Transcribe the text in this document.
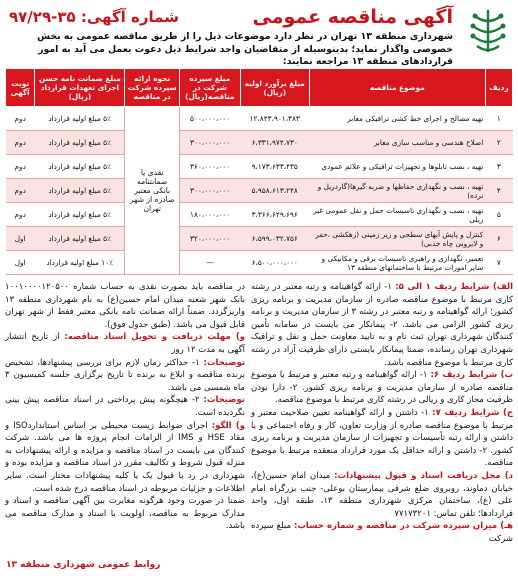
آگهی مناقصه عمومی
شماره آگهی: ۳۵-۹۷/۲۹
شهرداری منطقه ۱۳ تهران در نظر دارد موضوعات ذیل را از طریق مناقصه عمومی به بخش خصوصی واگذار نماید؛ بدینوسیله از متقاضیان واجد شرایط ذیل دعوت بعمل می آید به امور قراردادهای منطقه ۱۳ مراجعه نمایند:
ردیف	موضوع مناقصه	مبلغ برآورد اولیه (ریال)	مبلغ سپرده شرکت در مناقصه(ریال)	نحوه ارائه سپرده شرکت در مناقصه	مبلغ ضمانت نامه حسن اجرای تعهدات قرارداد (ریال)	نوبت آگهی
۱	تهیه مصالح و اجرای خط کشی ترافیکی معابر	۱۲،۸۴۳،۹۰۱،۳۸۳	۵۰۰،۰۰۰،۰۰۰	نقدی یا ضمانتنامه بانکی معتبر صادره از شهر تهران	۵٪ مبلغ اولیه قرارداد	دوم
۲	اصلاح هندسی و مناسب سازی معابر	۶،۳۳۱،۹۷۴،۷۳۰	۳۰۰،۰۰۰،۰۰۰		۵٪ مبلغ اولیه قرارداد	دوم
۳	تهیه ، نصب تابلوها و تجهیزات ترافیکی و علائم عمودی	۹،۱۷۳،۶۳۳،۴۳۵	۳۶۰،۰۰۰،۰۰۰		۵٪ مبلغ اولیه قرارداد	دوم
۴	تهیه ، نصب و نگهداری حفاظها و ضربه گیرها(گاردریل و نرده)	۵،۹۵۸،۶۱۳،۲۴۸	۳۰۰،۰۰۰،۰۰۰		۵٪ مبلغ اولیه قرارداد	دوم
۵	تهیه ، نصب و نگهداری تاسیسات حمل و نقل عمومی غیر ریلی	۳،۳۶۶،۶۴۹،۶۹۶	۱۸۰،۰۰۰،۰۰۰		۵٪ مبلغ اولیه قرارداد	دوم
۶	کنترل و پایش آبهای سطحی و زیر زمینی (زهکشی ،حفر و لایروبی چاه جذبی)	۶،۵۹۹،۰۳۲،۷۵۶	۳۲۰،۰۰۰،۰۰۰		۵٪ مبلغ اولیه قرارداد	اول
۷	تعمیر، نگهداری و راهبری تاسیسات برقی و مکانیکی و سایر امورات مرتبط با ساختمانهای منطقه ۱۳	۶،۵۰۰،۰۰۰،۰۰۰	—		۱۰٪ مبلغ اولیه قرارداد	اول

الف) شرایط ردیف ۱ الی ۵: ۱- ارائه گواهینامه و رتبه معتبر در رشته کاری مرتبط با موضوع مناقصه صادره از سازمان مدیریت و برنامه ریزی کشور؛ ارائه گواهینامه و رتبه معتبر در رشته ۳ از سازمان مدیریت و برنامه ریزی کشور الزامی می باشد. ۲- پیمانکار می بایست در سامانه تأمین کنندگان شهرداری تهران ثبت نام و به تایید معاونت حمل و نقل و ترافیک شهرداری تهران رسانده، ضمنا پیمانکار بایستی دارای ظرفیت آزاد در رشته کاری مرتبط با موضوع مناقصه باشد.

ب) شرایط ردیف ۶: ۱- ارائه گواهینامه و رتبه معتبر و مرتبط با موضوع مناقصه صادره از سازمان مدیریت و برنامه ریزی کشور. ۲- دارا بودن ظرفیت مجاز کاری و ریالی در رشته کاری مرتبط با موضوع مناقصه.

ج) شرایط ردیف ۷: ۱- داشتن و ارائه گواهینامه تعیین صلاحیت معتبر و مرتبط با موضوع مناقصه صادره از وزارت تعاون، کار و رفاه اجتماعی و یا داشتن و ارائه رتبه تأسیسات و تجهیزات از سازمان مدیریت و برنامه ریزی کشور. ۲- داشتن و ارائه حداقل یک مورد قرارداد منعقده مرتبط با موضوع مناقصه.

د) محل دریافت اسناد و قبول پیشنهادات: میدان امام حسین(ع)، خیابان دماوند، روبروی ضلع شرقی بیمارستان بوعلی- جنب بزرگراه امام علی (ع)، ساختمان مرکزی شهرداری منطقه ۱۳، طبقه اول، واحد قراردادها؛ تلفن تماس: ۷۷۱۷۳۲۰۱

هـ) میزان سپرده شرکت در مناقصه و شماره حساب: مبلغ سپرده شرکت

در مناقصه باید بصورت نقدی به حساب شماره ۱۰۰۱۰۰۰۰۱۲۰۵۰۰ بانک شهر شعبه میدان امام حسین(ع) به نام شهرداری منطقه ۱۳ واریزگردد. ضمناً ارائه ضمانت نامه بانکی معتبر فقط از شهر تهران قابل قبول می باشد. (طبق جدول فوق).

و) مهلت دریافت و تحویل اسناد مناقصه: از تاریخ انتشار آگهی به مدت ۱۲ روز

توضیحات: ۱- حداکثر زمان لازم برای بررسی پیشنهادها، تشخیص برنده مناقصه و ابلاغ به برنده تا تاریخ برگزاری جلسه کمیسیون ۳ ماه شمسی می باشد.

توضیحات: ۲- هیچگونه پیش پرداختی در اسناد مناقصه پیش بینی نگردیده است.

و) الگو: اجرای ضوابط زیست محیطی بر اساس استانداردISO و مقاد HSE و IMS از الزامات انجام پروژه ها می باشد. شرکت کنندگان می بایست در اسناد مناقصه و مزایده و ارائه پیشنهادات به منزله قبول شروط و تکالیف مقرر در اسناد مناقصه و مزایده بوده و شهرداری در رد یا قبول یک یا کلیه پیشنهادات مختار است. سایر اطلاعات و جزئیات مربوطه در اسناد مناقصه درج شده است.

ضمنا در صورت وجود هرگونه مغایرت بین آگهی مناقصه و اسناد و مدارک مربوط به مناقصه، اولویت با اسناد و مدارک مناقصه می باشد.

روابط عمومی شهرداری منطقه ۱۳
